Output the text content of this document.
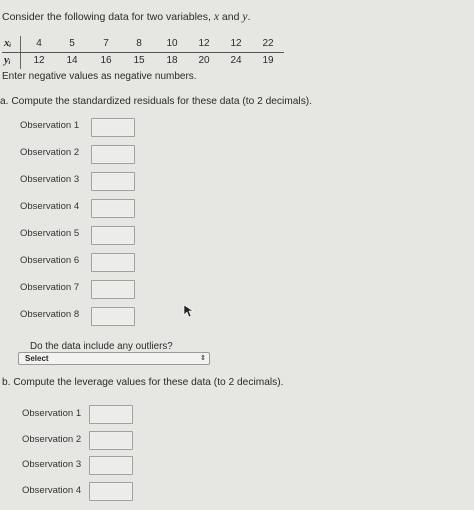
Consider the following data for two variables, x and y.
xᵢ	4	5	7	8	10	12	12	22
yᵢ	12	14	16	15	18	20	24	19
Enter negative values as negative numbers.
a. Compute the standardized residuals for these data (to 2 decimals).
Observation 1
Observation 2
Observation 3
Observation 4
Observation 5
Observation 6
Observation 7
Observation 8
Do the data include any outliers?
Select	⇕
b. Compute the leverage values for these data (to 2 decimals).
Observation 1
Observation 2
Observation 3
Observation 4
